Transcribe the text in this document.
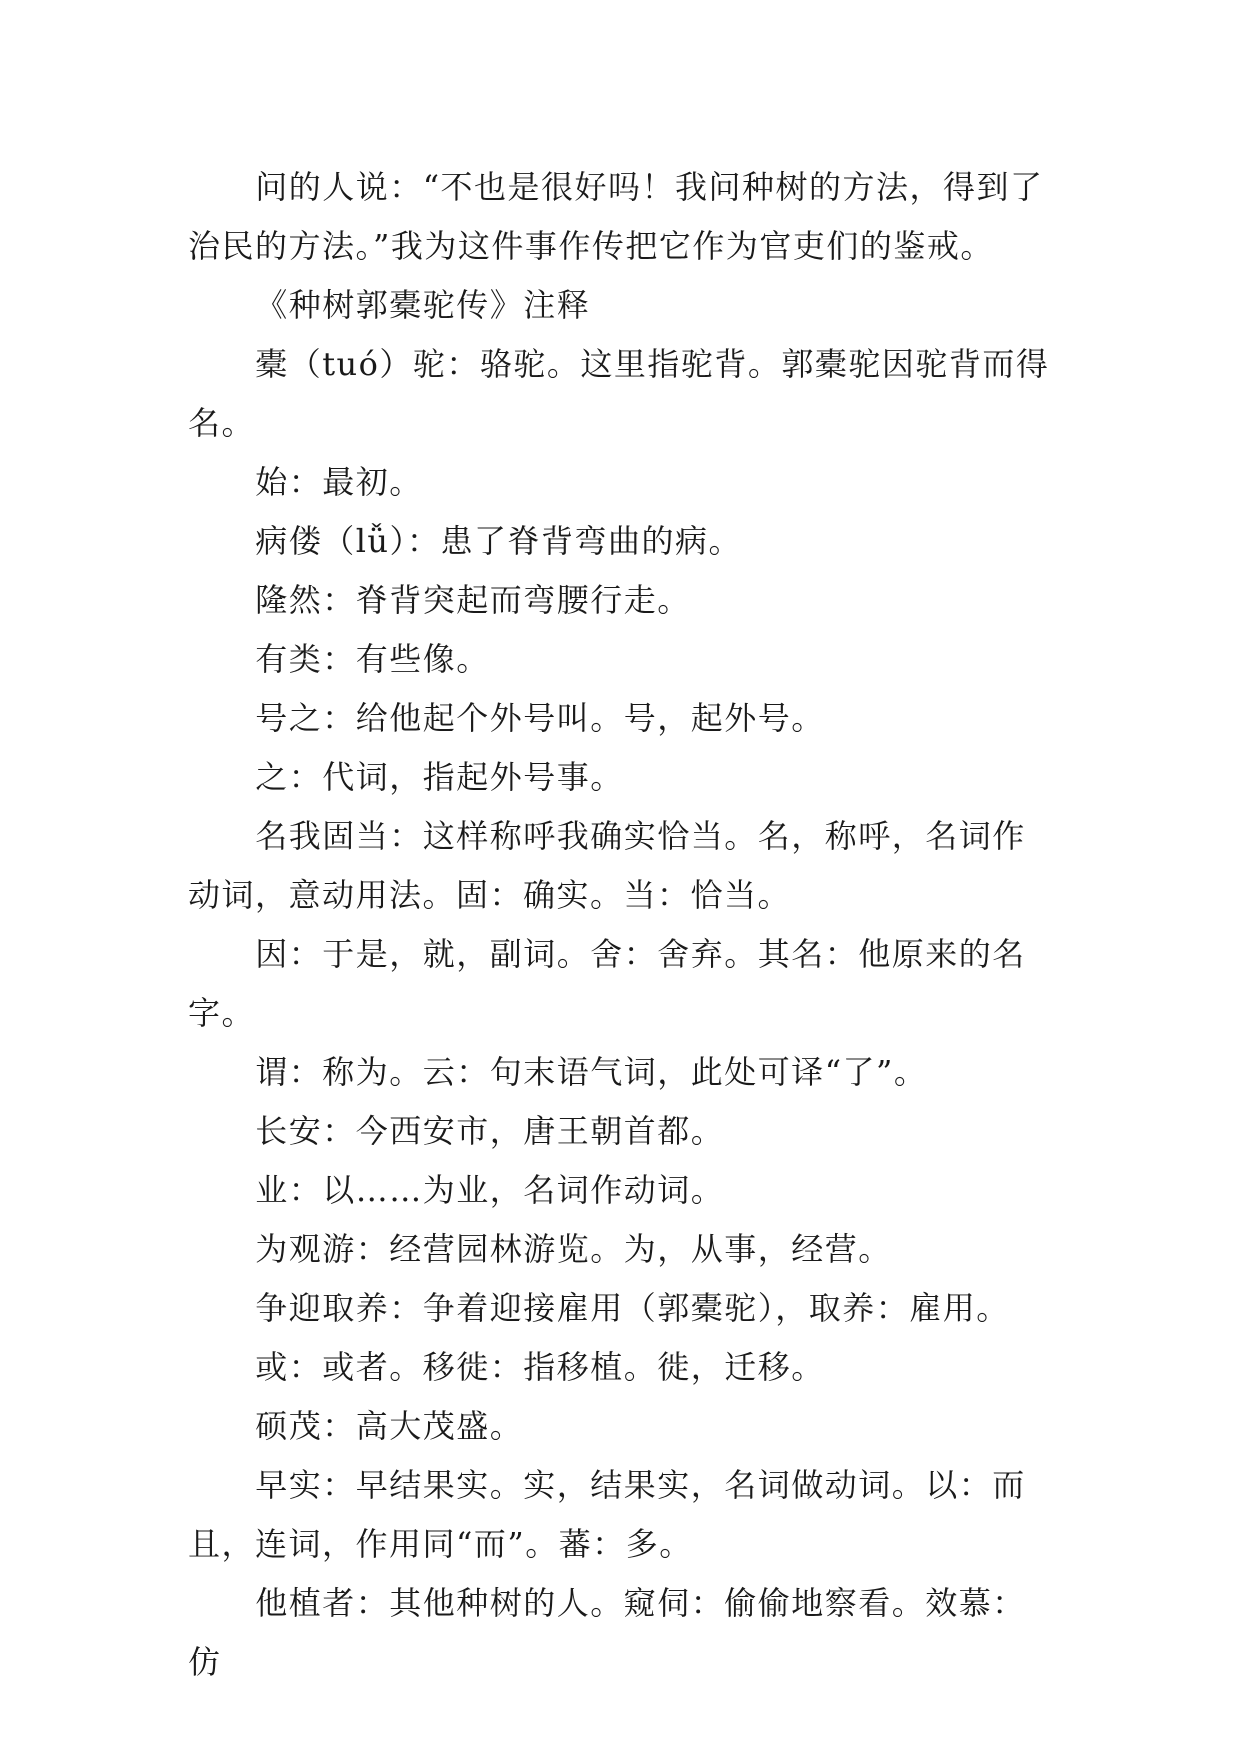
问的人说：“不也是很好吗！我问种树的方法，得到了治民的方法。”我为这件事作传把它作为官吏们的鉴戒。

《种树郭橐驼传》注释

橐（tuó）驼：骆驼。这里指驼背。郭橐驼因驼背而得名。

始：最初。

病偻（lǚ）：患了脊背弯曲的病。

隆然：脊背突起而弯腰行走。

有类：有些像。

号之：给他起个外号叫。号，起外号。

之：代词，指起外号事。

名我固当：这样称呼我确实恰当。名，称呼，名词作动词，意动用法。固：确实。当：恰当。

因：于是，就，副词。舍：舍弃。其名：他原来的名字。

谓：称为。云：句末语气词，此处可译“了”。

长安：今西安市，唐王朝首都。

业：以……为业，名词作动词。

为观游：经营园林游览。为，从事，经营。

争迎取养：争着迎接雇用（郭橐驼），取养：雇用。

或：或者。移徙：指移植。徙，迁移。

硕茂：高大茂盛。

早实：早结果实。实，结果实，名词做动词。以：而且，连词，作用同“而”。蕃：多。

他植者：其他种树的人。窥伺：偷偷地察看。效慕：仿
